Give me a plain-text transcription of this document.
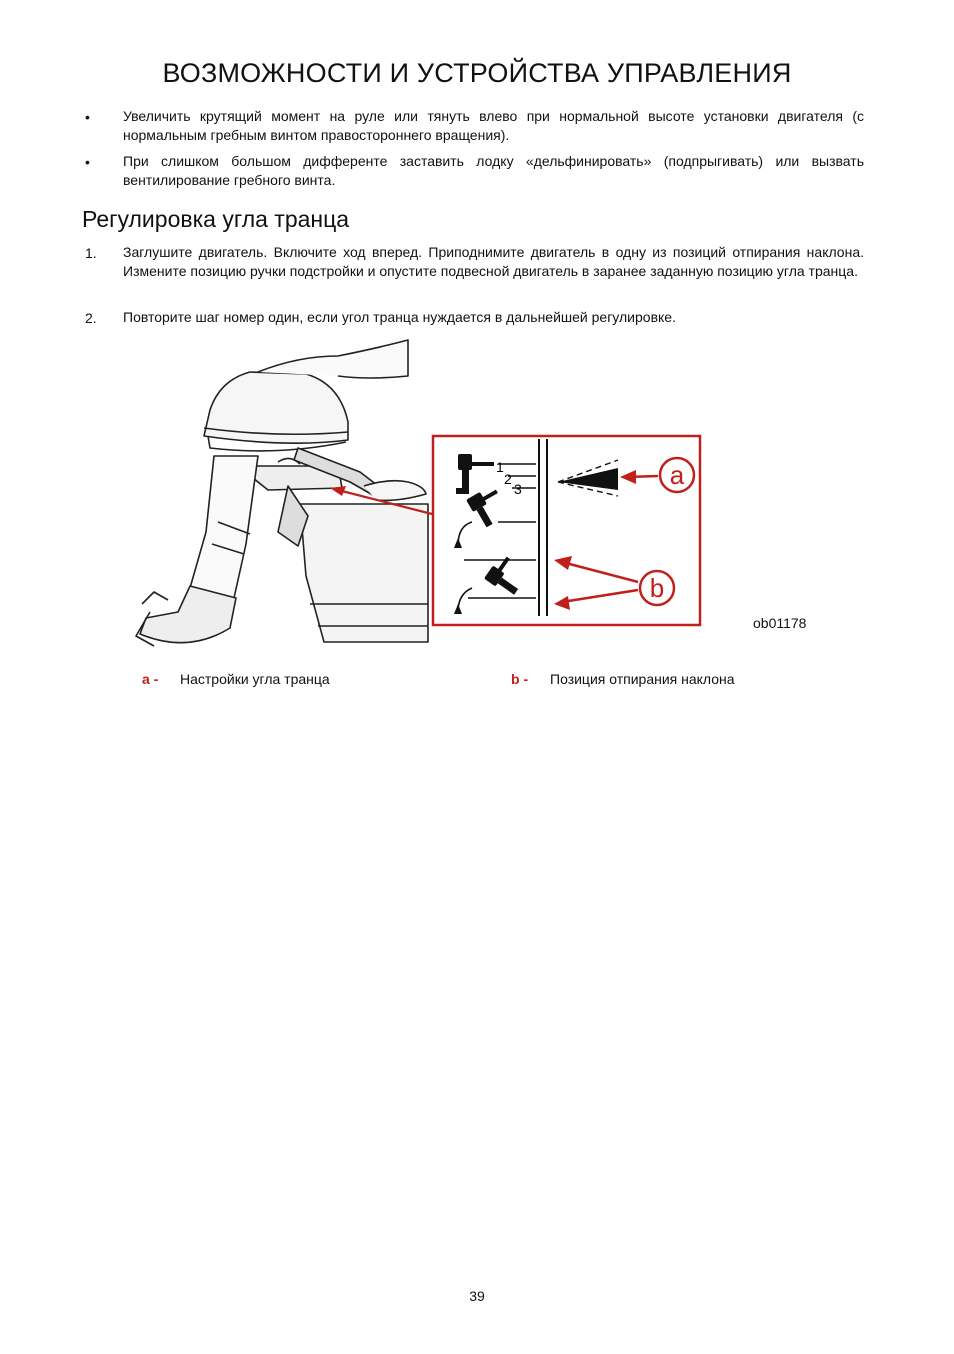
ВОЗМОЖНОСТИ И УСТРОЙСТВА УПРАВЛЕНИЯ
• Увеличить крутящий момент на руле или тянуть влево при нормальной высоте установки двигателя (с нормальным гребным винтом правостороннего вращения).
• При слишком большом дифференте заставить лодку «дельфинировать» (подпрыгивать) или вызвать вентилирование гребного винта.
Регулировка угла транца
1. Заглушите двигатель. Включите ход вперед. Приподнимите двигатель в одну из позиций отпирания наклона. Измените позицию ручки подстройки и опустите подвесной двигатель в заранее заданную позицию угла транца.
2. Повторите шаг номер один, если угол транца нуждается в дальнейшей регулировке.
1
2
3	a
b
ob01178
a - Настройки угла транца	b - Позиция отпирания наклона
39
